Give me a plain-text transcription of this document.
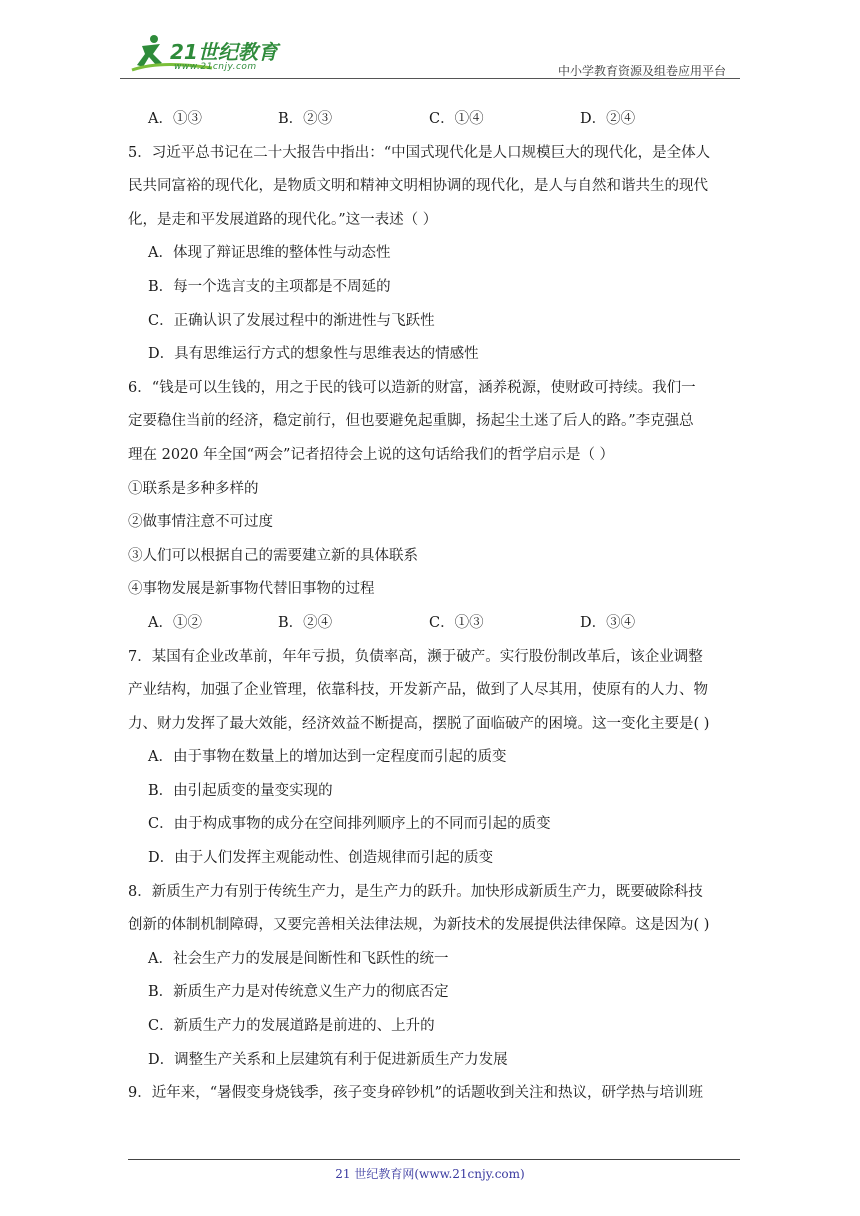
21世纪教育
www.21cnjy.com	中小学教育资源及组卷应用平台
A．①③	B．②③	C．①④	D．②④
5．习近平总书记在二十大报告中指出：“中国式现代化是人口规模巨大的现代化，是全体人
民共同富裕的现代化，是物质文明和精神文明相协调的现代化，是人与自然和谐共生的现代
化，是走和平发展道路的现代化。”这一表述（ ）
A．体现了辩证思维的整体性与动态性
B．每一个选言支的主项都是不周延的
C．正确认识了发展过程中的渐进性与飞跃性
D．具有思维运行方式的想象性与思维表达的情感性
6．“钱是可以生钱的，用之于民的钱可以造新的财富，涵养税源，使财政可持续。我们一
定要稳住当前的经济，稳定前行，但也要避免起重脚，扬起尘土迷了后人的路。”李克强总
理在 2020 年全国“两会”记者招待会上说的这句话给我们的哲学启示是（ ）
①联系是多种多样的
②做事情注意不可过度
③人们可以根据自己的需要建立新的具体联系
④事物发展是新事物代替旧事物的过程
A．①②	B．②④	C．①③	D．③④
7．某国有企业改革前，年年亏损，负债率高，濒于破产。实行股份制改革后，该企业调整
产业结构，加强了企业管理，依靠科技，开发新产品，做到了人尽其用，使原有的人力、物
力、财力发挥了最大效能，经济效益不断提高，摆脱了面临破产的困境。这一变化主要是( )
A．由于事物在数量上的增加达到一定程度而引起的质变
B．由引起质变的量变实现的
C．由于构成事物的成分在空间排列顺序上的不同而引起的质变
D．由于人们发挥主观能动性、创造规律而引起的质变
8．新质生产力有别于传统生产力，是生产力的跃升。加快形成新质生产力，既要破除科技
创新的体制机制障碍，又要完善相关法律法规，为新技术的发展提供法律保障。这是因为( )
A．社会生产力的发展是间断性和飞跃性的统一
B．新质生产力是对传统意义生产力的彻底否定
C．新质生产力的发展道路是前进的、上升的
D．调整生产关系和上层建筑有利于促进新质生产力发展
9．近年来，“暑假变身烧钱季，孩子变身碎钞机”的话题收到关注和热议，研学热与培训班
21 世纪教育网(www.21cnjy.com)
